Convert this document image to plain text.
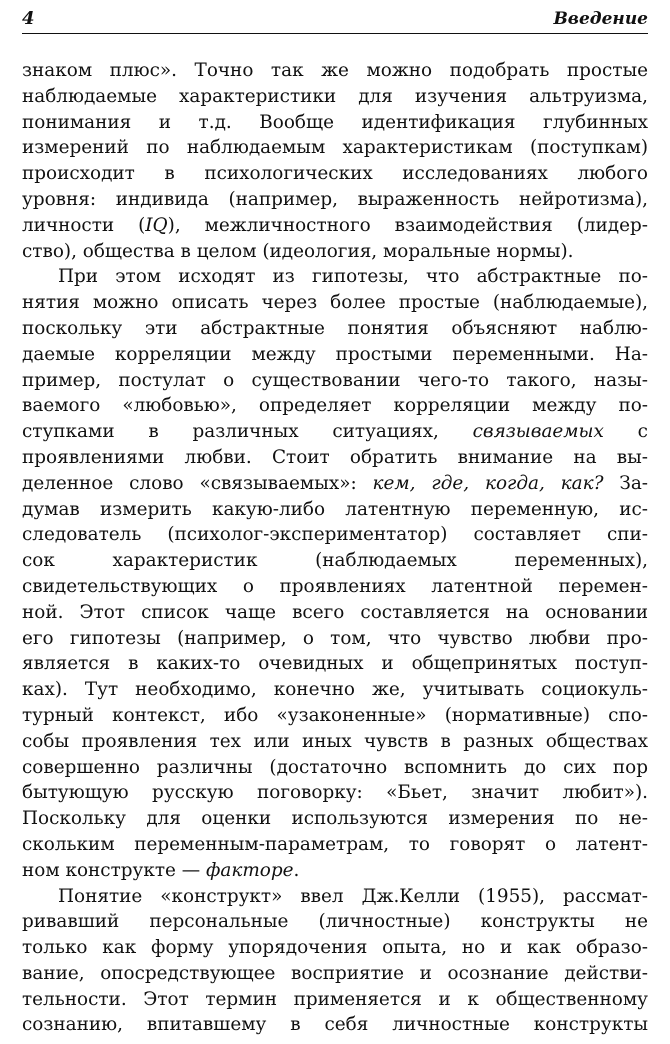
4	Введение
знаком плюс». Точно так же можно подобрать простые
наблюдаемые характеристики для изучения альтруизма,
понимания и т.д. Вообще идентификация глубинных
измерений по наблюдаемым характеристикам (поступкам)
происходит в психологических исследованиях любого
уровня: индивида (например, выраженность нейротизма),
личности (IQ), межличностного взаимодействия (лидер-
ство), общества в целом (идеология, моральные нормы).
При этом исходят из гипотезы, что абстрактные по-
нятия можно описать через более простые (наблюдаемые),
поскольку эти абстрактные понятия объясняют наблю-
даемые корреляции между простыми переменными. На-
пример, постулат о существовании чего-то такого, назы-
ваемого «любовью», определяет корреляции между по-
ступками в различных ситуациях, связываемых с
проявлениями любви. Стоит обратить внимание на вы-
деленное слово «связываемых»: кем, где, когда, как? За-
думав измерить какую-либо латентную переменную, ис-
следователь (психолог-экспериментатор) составляет спи-
сок характеристик (наблюдаемых переменных),
свидетельствующих о проявлениях латентной перемен-
ной. Этот список чаще всего составляется на основании
его гипотезы (например, о том, что чувство любви про-
является в каких-то очевидных и общепринятых поступ-
ках). Тут необходимо, конечно же, учитывать социокуль-
турный контекст, ибо «узаконенные» (нормативные) спо-
собы проявления тех или иных чувств в разных обществах
совершенно различны (достаточно вспомнить до сих пор
бытующую русскую поговорку: «Бьет, значит любит»).
Поскольку для оценки используются измерения по не-
скольким переменным-параметрам, то говорят о латент-
ном конструкте — факторе.
Понятие «конструкт» ввел Дж.Келли (1955), рассмат-
ривавший персональные (личностные) конструкты не
только как форму упорядочения опыта, но и как образо-
вание, опосредствующее восприятие и осознание действи-
тельности. Этот термин применяется и к общественному
сознанию, впитавшему в себя личностные конструкты
